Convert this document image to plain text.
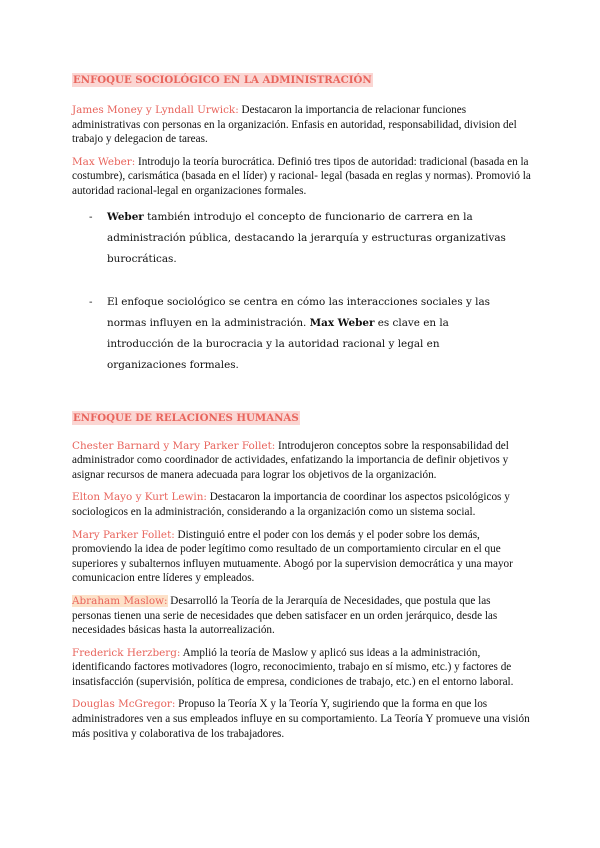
ENFOQUE SOCIOLÓGICO EN LA ADMINISTRACIÓN

James Money y Lyndall Urwick: Destacaron la importancia de relacionar funciones administrativas con personas en la organización. Enfasis en autoridad, responsabilidad, division del trabajo y delegacion de tareas.

Max Weber: Introdujo la teoría burocrática. Definió tres tipos de autoridad: tradicional (basada en la costumbre), carismática (basada en el líder) y racional- legal (basada en reglas y normas). Promovió la autoridad racional-legal en organizaciones formales.

- Weber también introdujo el concepto de funcionario de carrera en la administración pública, destacando la jerarquía y estructuras organizativas burocráticas.
- El enfoque sociológico se centra en cómo las interacciones sociales y las normas influyen en la administración. Max Weber es clave en la introducción de la burocracia y la autoridad racional y legal en organizaciones formales.
ENFOQUE DE RELACIONES HUMANAS

Chester Barnard y Mary Parker Follet: Introdujeron conceptos sobre la responsabilidad del administrador como coordinador de actividades, enfatizando la importancia de definir objetivos y asignar recursos de manera adecuada para lograr los objetivos de la organización.

Elton Mayo y Kurt Lewin: Destacaron la importancia de coordinar los aspectos psicológicos y sociologicos en la administración, considerando a la organización como un sistema social.

Mary Parker Follet: Distinguió entre el poder con los demás y el poder sobre los demás, promoviendo la idea de poder legítimo como resultado de un comportamiento circular en el que superiores y subalternos influyen mutuamente. Abogó por la supervision democrática y una mayor comunicacion entre líderes y empleados.

Abraham Maslow: Desarrolló la Teoría de la Jerarquía de Necesidades, que postula que las personas tienen una serie de necesidades que deben satisfacer en un orden jerárquico, desde las necesidades básicas hasta la autorrealización.

Frederick Herzberg: Amplió la teoría de Maslow y aplicó sus ideas a la administración, identificando factores motivadores (logro, reconocimiento, trabajo en sí mismo, etc.) y factores de insatisfacción (supervisión, política de empresa, condiciones de trabajo, etc.) en el entorno laboral.

Douglas McGregor: Propuso la Teoría X y la Teoría Y, sugiriendo que la forma en que los administradores ven a sus empleados influye en su comportamiento. La Teoría Y promueve una visión más positiva y colaborativa de los trabajadores.
